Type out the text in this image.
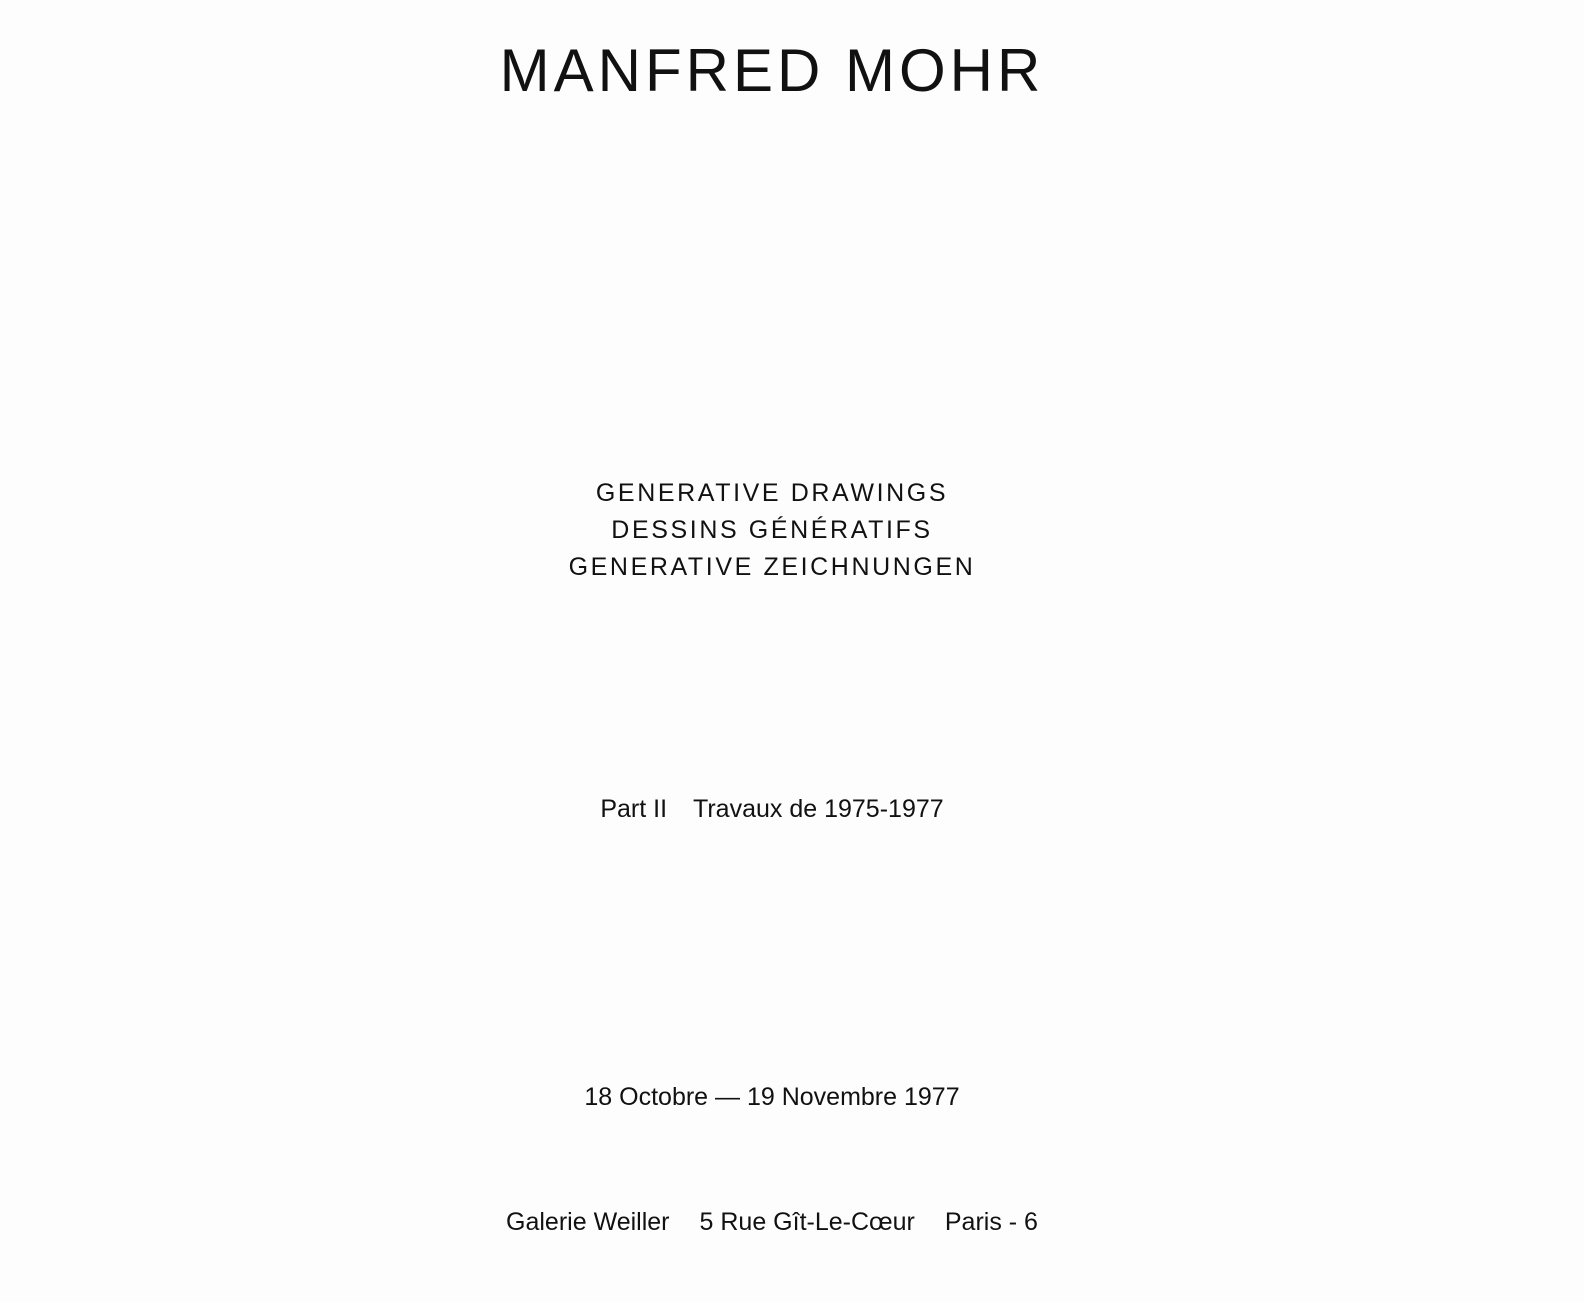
MANFRED MOHR
GENERATIVE DRAWINGS
DESSINS GÉNÉRATIFS
GENERATIVE ZEICHNUNGEN
Part II Travaux de 1975-1977
18 Octobre — 19 Novembre 1977
Galerie Weiller 5 Rue Gît-Le-Cœur Paris - 6
